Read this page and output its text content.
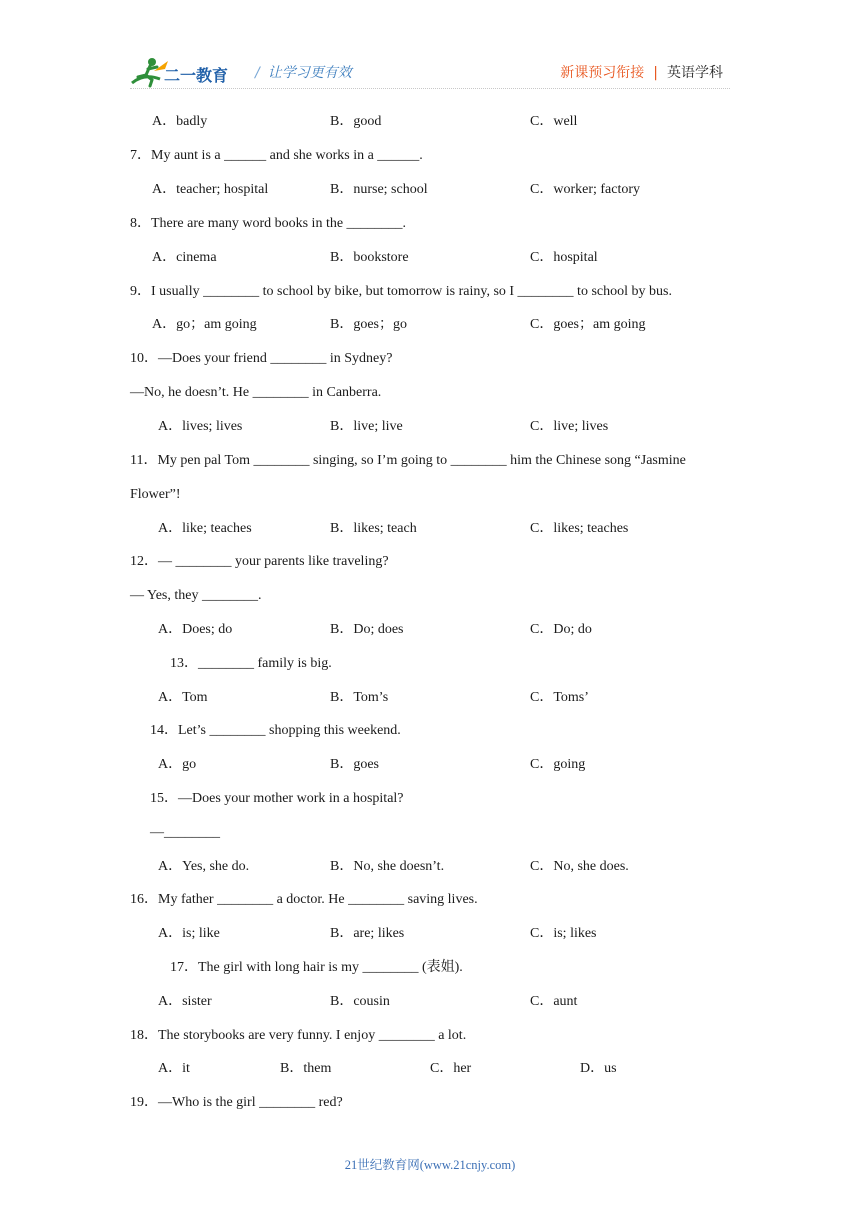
二一教育 / 让学习更有效	新课预习衔接 | 英语学科
A．badly	B．good	C．well
7．My aunt is a ______ and she works in a ______.
A．teacher; hospital	B．nurse; school	C．worker; factory
8．There are many word books in the ________.
A．cinema	B．bookstore	C．hospital
9．I usually ________ to school by bike, but tomorrow is rainy, so I ________ to school by bus.
A．go；am going	B．goes；go	C．goes；am going
10．—Does your friend ________ in Sydney?
—No, he doesn’t. He ________ in Canberra.
A．lives; lives	B．live; live	C．live; lives
11．My pen pal Tom ________ singing, so I’m going to ________ him the Chinese song “Jasmine
Flower”!
A．like; teaches	B．likes; teach	C．likes; teaches
12．— ________ your parents like traveling?
— Yes, they ________.
A．Does; do	B．Do; does	C．Do; do
13．________ family is big.
A．Tom	B．Tom’s	C．Toms’
14．Let’s ________ shopping this weekend.
A．go	B．goes	C．going
15．—Does your mother work in a hospital?
—________
A．Yes, she do.	B．No, she doesn’t.	C．No, she does.
16．My father ________ a doctor. He ________ saving lives.
A．is; like	B．are; likes	C．is; likes
17．The girl with long hair is my ________ (表姐).
A．sister	B．cousin	C．aunt
18．The storybooks are very funny. I enjoy ________ a lot.
A．it	B．them	C．her	D．us
19．—Who is the girl ________ red?
21世纪教育网(www.21cnjy.com)
